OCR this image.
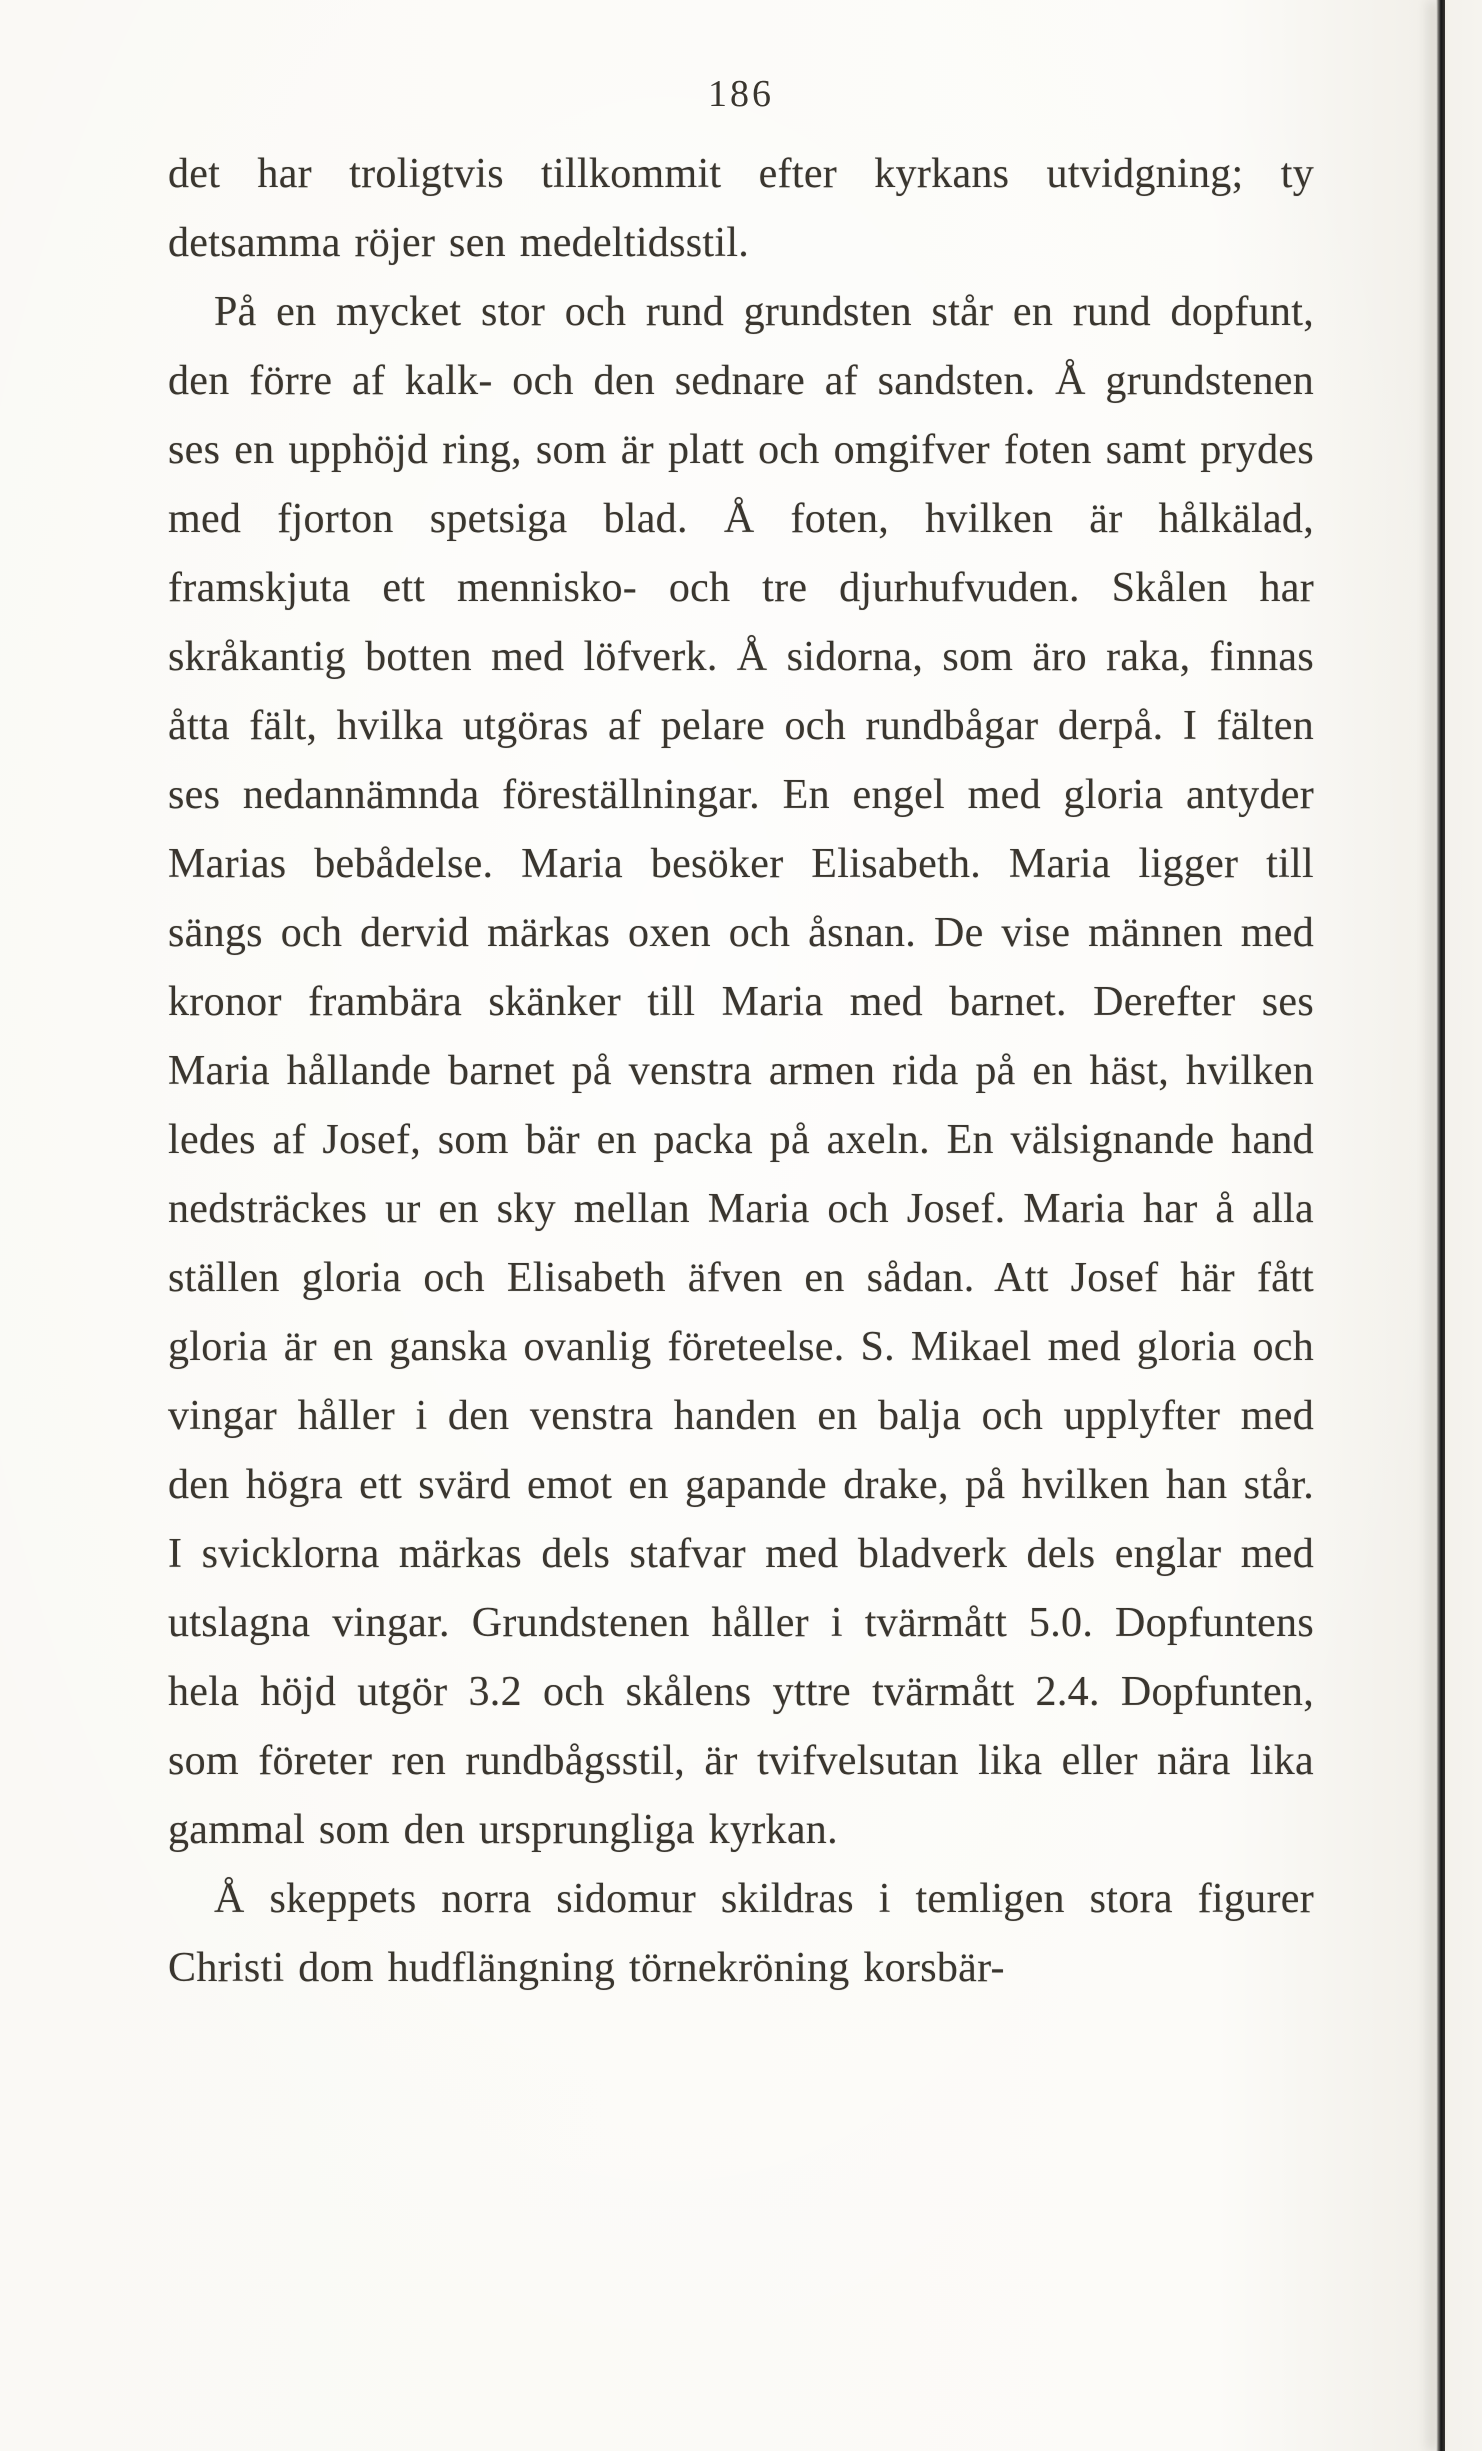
186

det har troligtvis tillkommit efter kyrkans utvidgning; ty detsamma röjer sen medeltidsstil.

På en mycket stor och rund grundsten står en rund dopfunt, den förre af kalk- och den sednare af sandsten. Å grundstenen ses en upphöjd ring, som är platt och omgifver foten samt prydes med fjorton spetsiga blad. Å foten, hvilken är hålkälad, framskjuta ett mennisko- och tre djurhufvuden. Skålen har skråkantig botten med löfverk. Å sidorna, som äro raka, finnas åtta fält, hvilka utgöras af pelare och rundbågar derpå. I fälten ses nedannämnda föreställningar. En engel med gloria antyder Marias bebådelse. Maria besöker Elisabeth. Maria ligger till sängs och dervid märkas oxen och åsnan. De vise männen med kronor frambära skänker till Maria med barnet. Derefter ses Maria hållande barnet på venstra armen rida på en häst, hvilken ledes af Josef, som bär en packa på axeln. En välsignande hand nedsträckes ur en sky mellan Maria och Josef. Maria har å alla ställen gloria och Elisabeth äfven en sådan. Att Josef här fått gloria är en ganska ovanlig företeelse. S. Mikael med gloria och vingar håller i den venstra handen en balja och upplyfter med den högra ett svärd emot en gapande drake, på hvilken han står. I svicklorna märkas dels stafvar med bladverk dels englar med utslagna vingar. Grundstenen håller i tvärmått 5.0. Dopfuntens hela höjd utgör 3.2 och skålens yttre tvärmått 2.4. Dopfunten, som företer ren rundbågsstil, är tvifvelsutan lika eller nära lika gammal som den ursprungliga kyrkan.

Å skeppets norra sidomur skildras i temligen stora figurer Christi dom hudflängning törnekröning korsbär-
